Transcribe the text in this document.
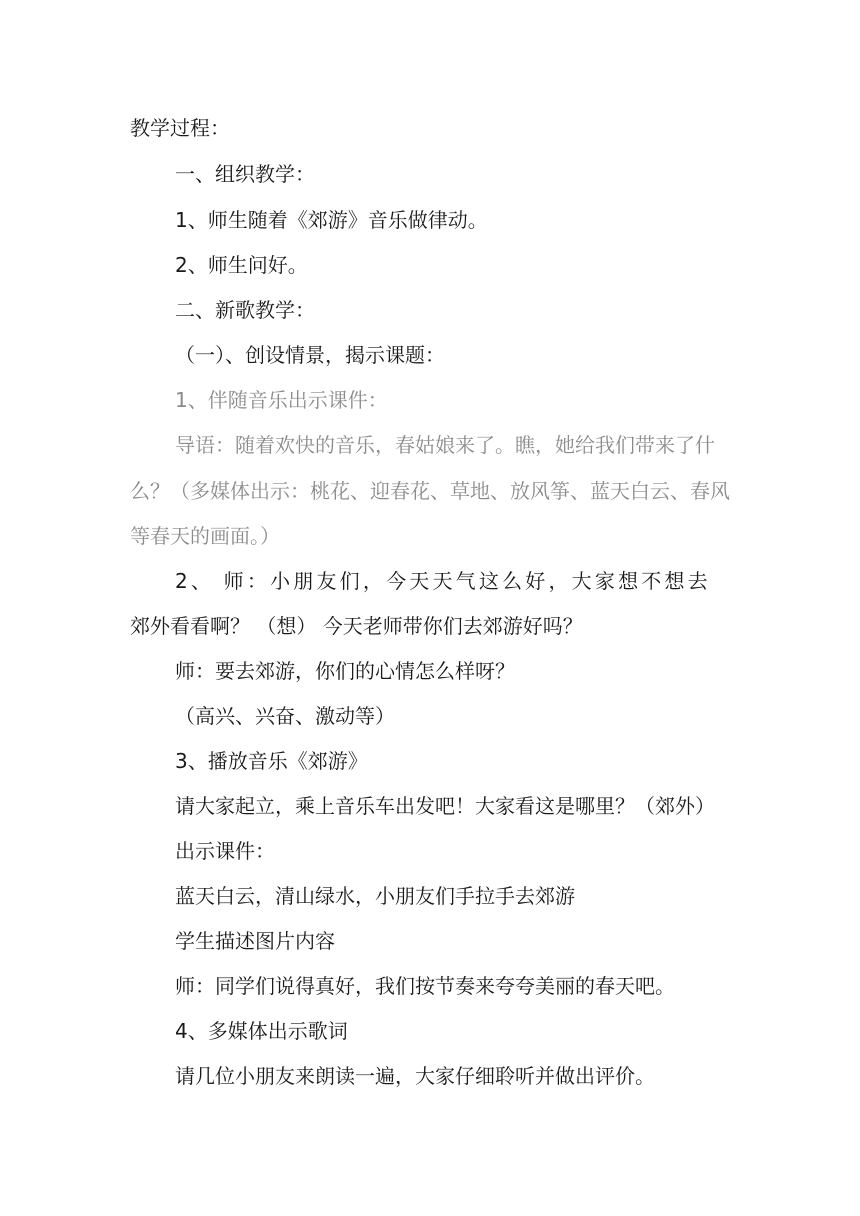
教学过程：
一、组织教学：
1、师生随着《郊游》音乐做律动。
2、师生问好。
二、新歌教学：
（一）、创设情景，揭示课题：
1、伴随音乐出示课件：
导语：随着欢快的音乐，春姑娘来了。瞧，她给我们带来了什
么？（多媒体出示：桃花、迎春花、草地、放风筝、蓝天白云、春风
等春天的画面。）
2、 师：小朋友们，今天天气这么好，大家想不想去
郊外看看啊？ （想） 今天老师带你们去郊游好吗？
师：要去郊游，你们的心情怎么样呀？
（高兴、兴奋、激动等）
3、播放音乐《郊游》
请大家起立，乘上音乐车出发吧！大家看这是哪里？（郊外）
出示课件：
蓝天白云，清山绿水，小朋友们手拉手去郊游
学生描述图片内容
师：同学们说得真好，我们按节奏来夸夸美丽的春天吧。
4、多媒体出示歌词
请几位小朋友来朗读一遍，大家仔细聆听并做出评价。
